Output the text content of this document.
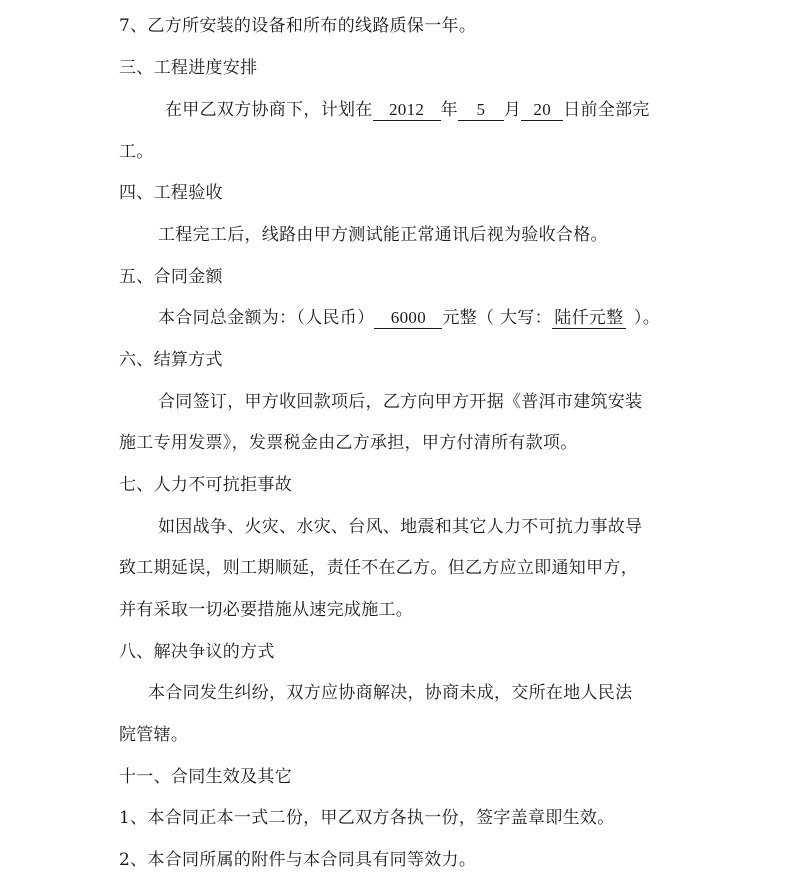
7、乙方所安装的设备和所布的线路质保一年。
三、工程进度安排
在甲乙双方协商下，计划在 2012 年 5 月 20 日前全部完
工。
四、工程验收
工程完工后，线路由甲方测试能正常通讯后视为验收合格。
五、合同金额
本合同总金额为：（人民币） 6000 元整（ 大写： 陆仟元整 ）。
六、结算方式
合同签订，甲方收回款项后，乙方向甲方开据《普洱市建筑安装
施工专用发票》，发票税金由乙方承担，甲方付清所有款项。
七、人力不可抗拒事故
如因战争、火灾、水灾、台风、地震和其它人力不可抗力事故导
致工期延误，则工期顺延，责任不在乙方。但乙方应立即通知甲方，
并有采取一切必要措施从速完成施工。
八、解决争议的方式
本合同发生纠纷，双方应协商解决，协商未成，交所在地人民法
院管辖。
十一、合同生效及其它
1、本合同正本一式二份，甲乙双方各执一份，签字盖章即生效。
2、本合同所属的附件与本合同具有同等效力。
